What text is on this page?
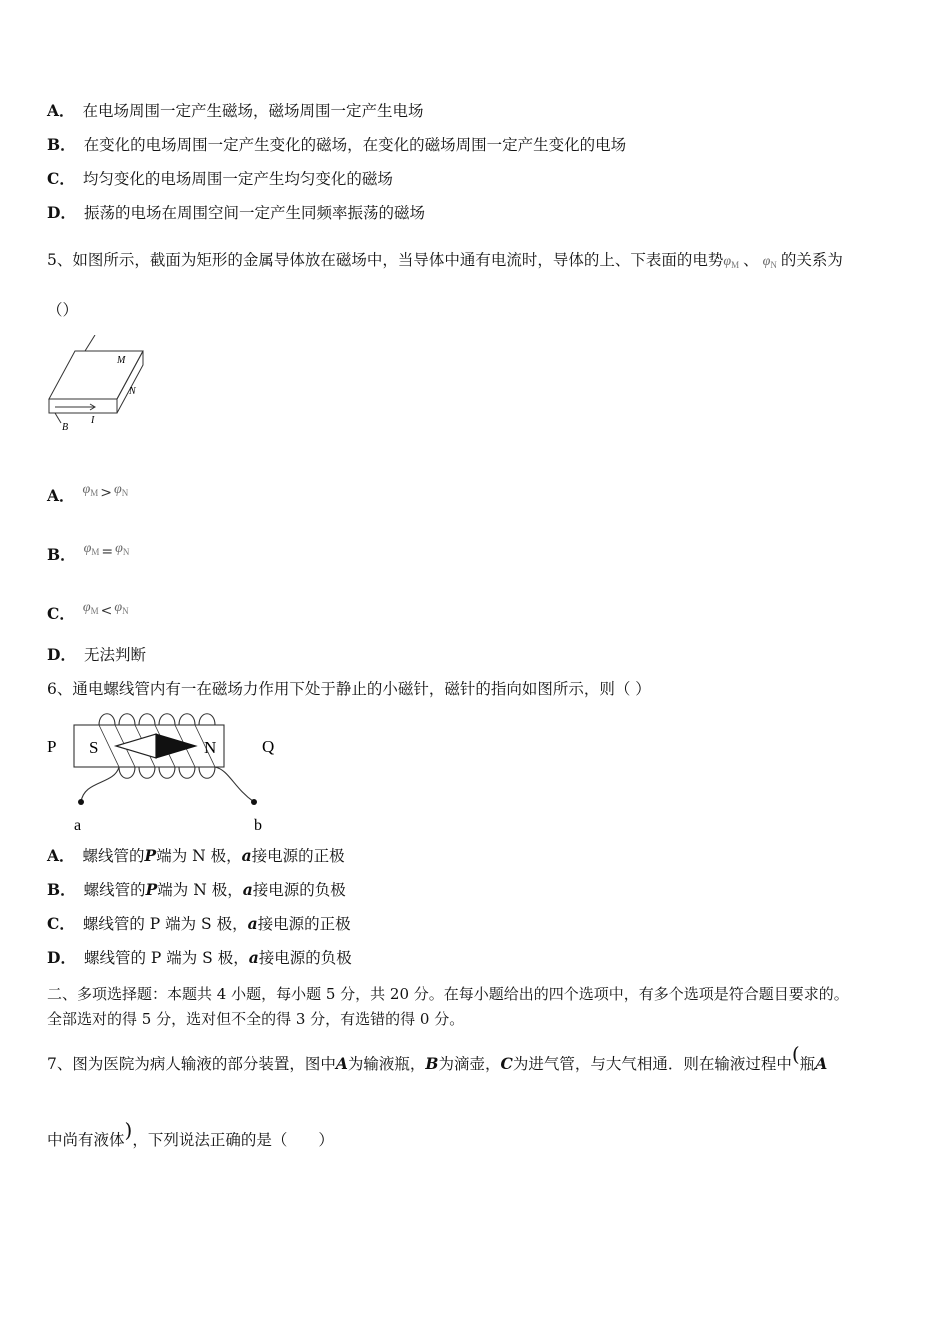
A． 在电场周围一定产生磁场，磁场周围一定产生电场
B． 在变化的电场周围一定产生变化的磁场，在变化的磁场周围一定产生变化的电场
C． 均匀变化的电场周围一定产生均匀变化的磁场
D． 振荡的电场在周围空间一定产生同频率振荡的磁场
5、如图所示，截面为矩形的金属导体放在磁场中，当导体中通有电流时，导体的上、下表面的电势$\varphi_M$ 、 $\varphi_N$ 的关系为
（）
M
N
B
I
A． $\varphi_M > \varphi_N$
B． $\varphi_M = \varphi_N$
C． $\varphi_M < \varphi_N$
D． 无法判断
6、通电螺线管内有一在磁场力作用下处于静止的小磁针，磁针的指向如图所示，则（ ）
P S	N	Q
a	b
A． 螺线管的P端为 N 极，a接电源的正极
B． 螺线管的P端为 N 极，a接电源的负极
C． 螺线管的 P 端为 S 极，a接电源的正极
D． 螺线管的 P 端为 S 极，a接电源的负极
二、多项选择题：本题共 4 小题，每小题 5 分，共 20 分。在每小题给出的四个选项中，有多个选项是符合题目要求的。
全部选对的得 5 分，选对但不全的得 3 分，有选错的得 0 分。
7、图为医院为病人输液的部分装置，图中A为输液瓶，B为滴壶，C为进气管，与大气相通．则在输液过程中(瓶A
中尚有液体)，下列说法正确的是（　　）
